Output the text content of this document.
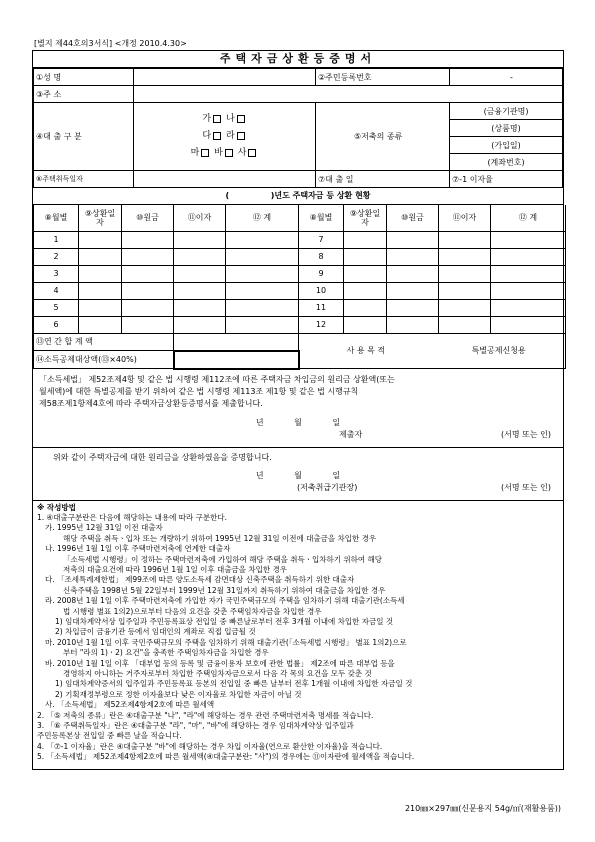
[별지 제44호의3서식] <개정 2010.4.30>
주택자금상환등증명서
①성 명		②주민등록번호	-
③주 소			
④대 출 구 분	가 나
다 라
마 바 사	⑤저축의 종류	(금융기관명)
			(상품명)
			(가입일)
			(계좌번호)
⑥주택취득일자		⑦대 출 일	⑦-1 이자율
(	)년도 주택자금 등 상환 현황
⑧월별	⑨상환일자	⑩원금	⑪이자	⑫ 계	⑧월별	⑨상환일자	⑩원금	⑪이자	⑫ 계
1					7				
2					8				
3					9				
4					10				
5					11				
6					12				
⑬연 간 합 계 액					사 용 목 적 특별공제신청용				

⑭소득공제대상액(⑬×40%)									
「소득세법」 제52조제4항 및 같은 법 시행령 제112조에 따른 주택자금 차입금의 원리금 상환액(또는
월세액)에 대한 특별공제를 받기 위하여 같은 법 시행령 제113조 제1항 및 같은 법 시행규칙
제58조제1항제4호에 따라 주택자금상환등증명서를 제출합니다.
년 월 일
제출자	(서명 또는 인)
위와 같이 주택자금에 대한 원리금을 상환하였음을 증명합니다.
년 월 일
(저축취급기관장)	(서명 또는 인)
※ 작성방법
1. ④대출구분란은 다음에 해당하는 내용에 따라 구분한다.
가. 1995년 12월 31일 이전 대출자
해당 주택을 취득ㆍ입차 또는 개량하기 위하여 1995년 12월 31일 이전에 대출금을 차입한 경우
나. 1996년 1월 1일 이후 주택마련저축에 연계한 대출자
「소득세법 시행령」이 정하는 주택마련저축에 가입하여 해당 주택을 취득ㆍ입차하기 위하여 해당
저축의 대출요건에 따라 1996년 1월 1일 이후 대출금을 차입한 경우
다. 「조세특례제한법」 제99조에 따른 양도소득세 감면대상 신축주택을 취득하기 위한 대출자
신축주택을 1998년 5월 22일부터 1999년 12월 31일까지 취득하기 위하여 대출금을 차입한 경우
라. 2008년 1월 1일 이후 주택마련저축에 가입한 자가 국민주택규모의 주택을 임차하기 위해 대출기관(소득세
법 시행령 별표 1의2)으로부터 다음의 요건을 갖춘 주택임차자금을 차입한 경우
1) 임대차계약서상 입주일과 주민등록표상 전입일 중 빠른날로부터 전후 3개월 이내에 차입한 자금일 것
2) 차입금이 금융기관 등에서 임대인의 계좌로 직접 입금될 것
마. 2010년 1월 1일 이후 국민주택규모의 주택을 임차하기 위해 대출기관(「소득세법 시행령」 별표 1의2)으로
부터 "라의 1)ㆍ2) 요건"을 충족한 주택임차자금을 차입한 경우
바. 2010년 1월 1일 이후 「대부업 등의 등록 및 금융이용자 보호에 관한 법률」 제2조에 따른 대부업 등을
경영하지 아니하는 거주자로부터 차입한 주택임차자금으로서 다음 각 목의 요건을 모두 갖춘 것
1) 임대차계약증서의 입주일과 주민등록표 등본의 전입일 중 빠른 날부터 전후 1개월 이내에 차입한 자금일 것
2) 기획재정부령으로 정한 이자율보다 낮은 이자율로 차입한 자금이 아닐 것
사. 「소득세법」 제52조제4항제2호에 따른 월세액
2. 「⑤ 저축의 종류」란은 ④대출구분 "나", "라"에 해당하는 경우 관련 주택마련저축 명세를 적습니다.
3. 「⑥ 주택취득일자」란은 ④대출구분 "라", "마", "바"에 해당하는 경우 임대차계약상 입주일과
주민등록본상 전입일 중 빠른 날을 적습니다.
4. 「⑦-1 이자율」란은 ④대출구분 "바"에 해당하는 경우 차입 이자율(연으로 환산한 이자율)을 적습니다.
5. 「소득세법」 제52조제4항제2호에 따른 월세액(④대출구분란: "사")의 경우에는 ⑪이자란에 월세액을 적습니다.
210㎜×297㎜(신문용지 54g/㎡(재활용품))
